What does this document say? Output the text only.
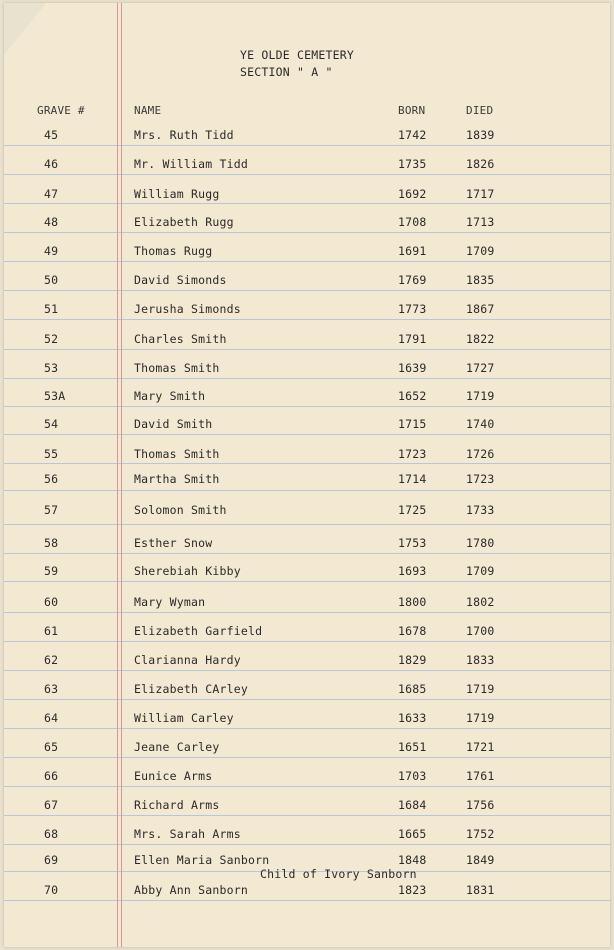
YE OLDE CEMETERY
SECTION " A "
GRAVE #	NAME	BORN	DIED
45	Mrs. Ruth Tidd	1742	1839
46	Mr. William Tidd	1735	1826
47	William Rugg	1692	1717
48	Elizabeth Rugg	1708	1713
49	Thomas Rugg	1691	1709
50	David Simonds	1769	1835
51	Jerusha Simonds	1773	1867
52	Charles Smith	1791	1822
53	Thomas Smith	1639	1727
53A	Mary Smith	1652	1719
54	David Smith	1715	1740
55	Thomas Smith	1723	1726
56	Martha Smith	1714	1723
57	Solomon Smith	1725	1733
58	Esther Snow	1753	1780
59	Sherebiah Kibby	1693	1709
60	Mary Wyman	1800	1802
61	Elizabeth Garfield	1678	1700
62	Clarianna Hardy	1829	1833
63	Elizabeth CArley	1685	1719
64	William Carley	1633	1719
65	Jeane Carley	1651	1721
66	Eunice Arms	1703	1761
67	Richard Arms	1684	1756
68	Mrs. Sarah Arms	1665	1752
69	Ellen Maria Sanborn	1848	1849
70	Abby Ann Sanborn	1823	1831
Child of Ivory Sanborn
